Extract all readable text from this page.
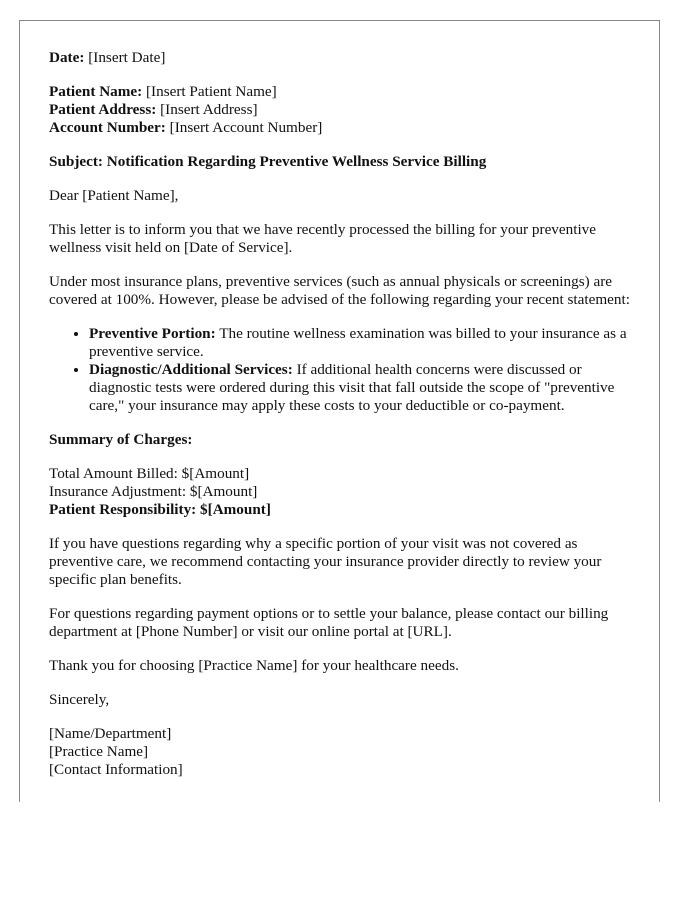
Date: [Insert Date]
Patient Name: [Insert Patient Name]
Patient Address: [Insert Address]
Account Number: [Insert Account Number]
Subject: Notification Regarding Preventive Wellness Service Billing
Dear [Patient Name],
This letter is to inform you that we have recently processed the billing for your preventive wellness visit held on [Date of Service].
Under most insurance plans, preventive services (such as annual physicals or screenings) are covered at 100%. However, please be advised of the following regarding your recent statement:
• Preventive Portion: The routine wellness examination was billed to your insurance as a preventive service.
• Diagnostic/Additional Services: If additional health concerns were discussed or diagnostic tests were ordered during this visit that fall outside the scope of "preventive care," your insurance may apply these costs to your deductible or co-payment.
Summary of Charges:
Total Amount Billed: $[Amount]
Insurance Adjustment: $[Amount]
Patient Responsibility: $[Amount]
If you have questions regarding why a specific portion of your visit was not covered as preventive care, we recommend contacting your insurance provider directly to review your specific plan benefits.
For questions regarding payment options or to settle your balance, please contact our billing department at [Phone Number] or visit our online portal at [URL].
Thank you for choosing [Practice Name] for your healthcare needs.
Sincerely,
[Name/Department]
[Practice Name]
[Contact Information]
